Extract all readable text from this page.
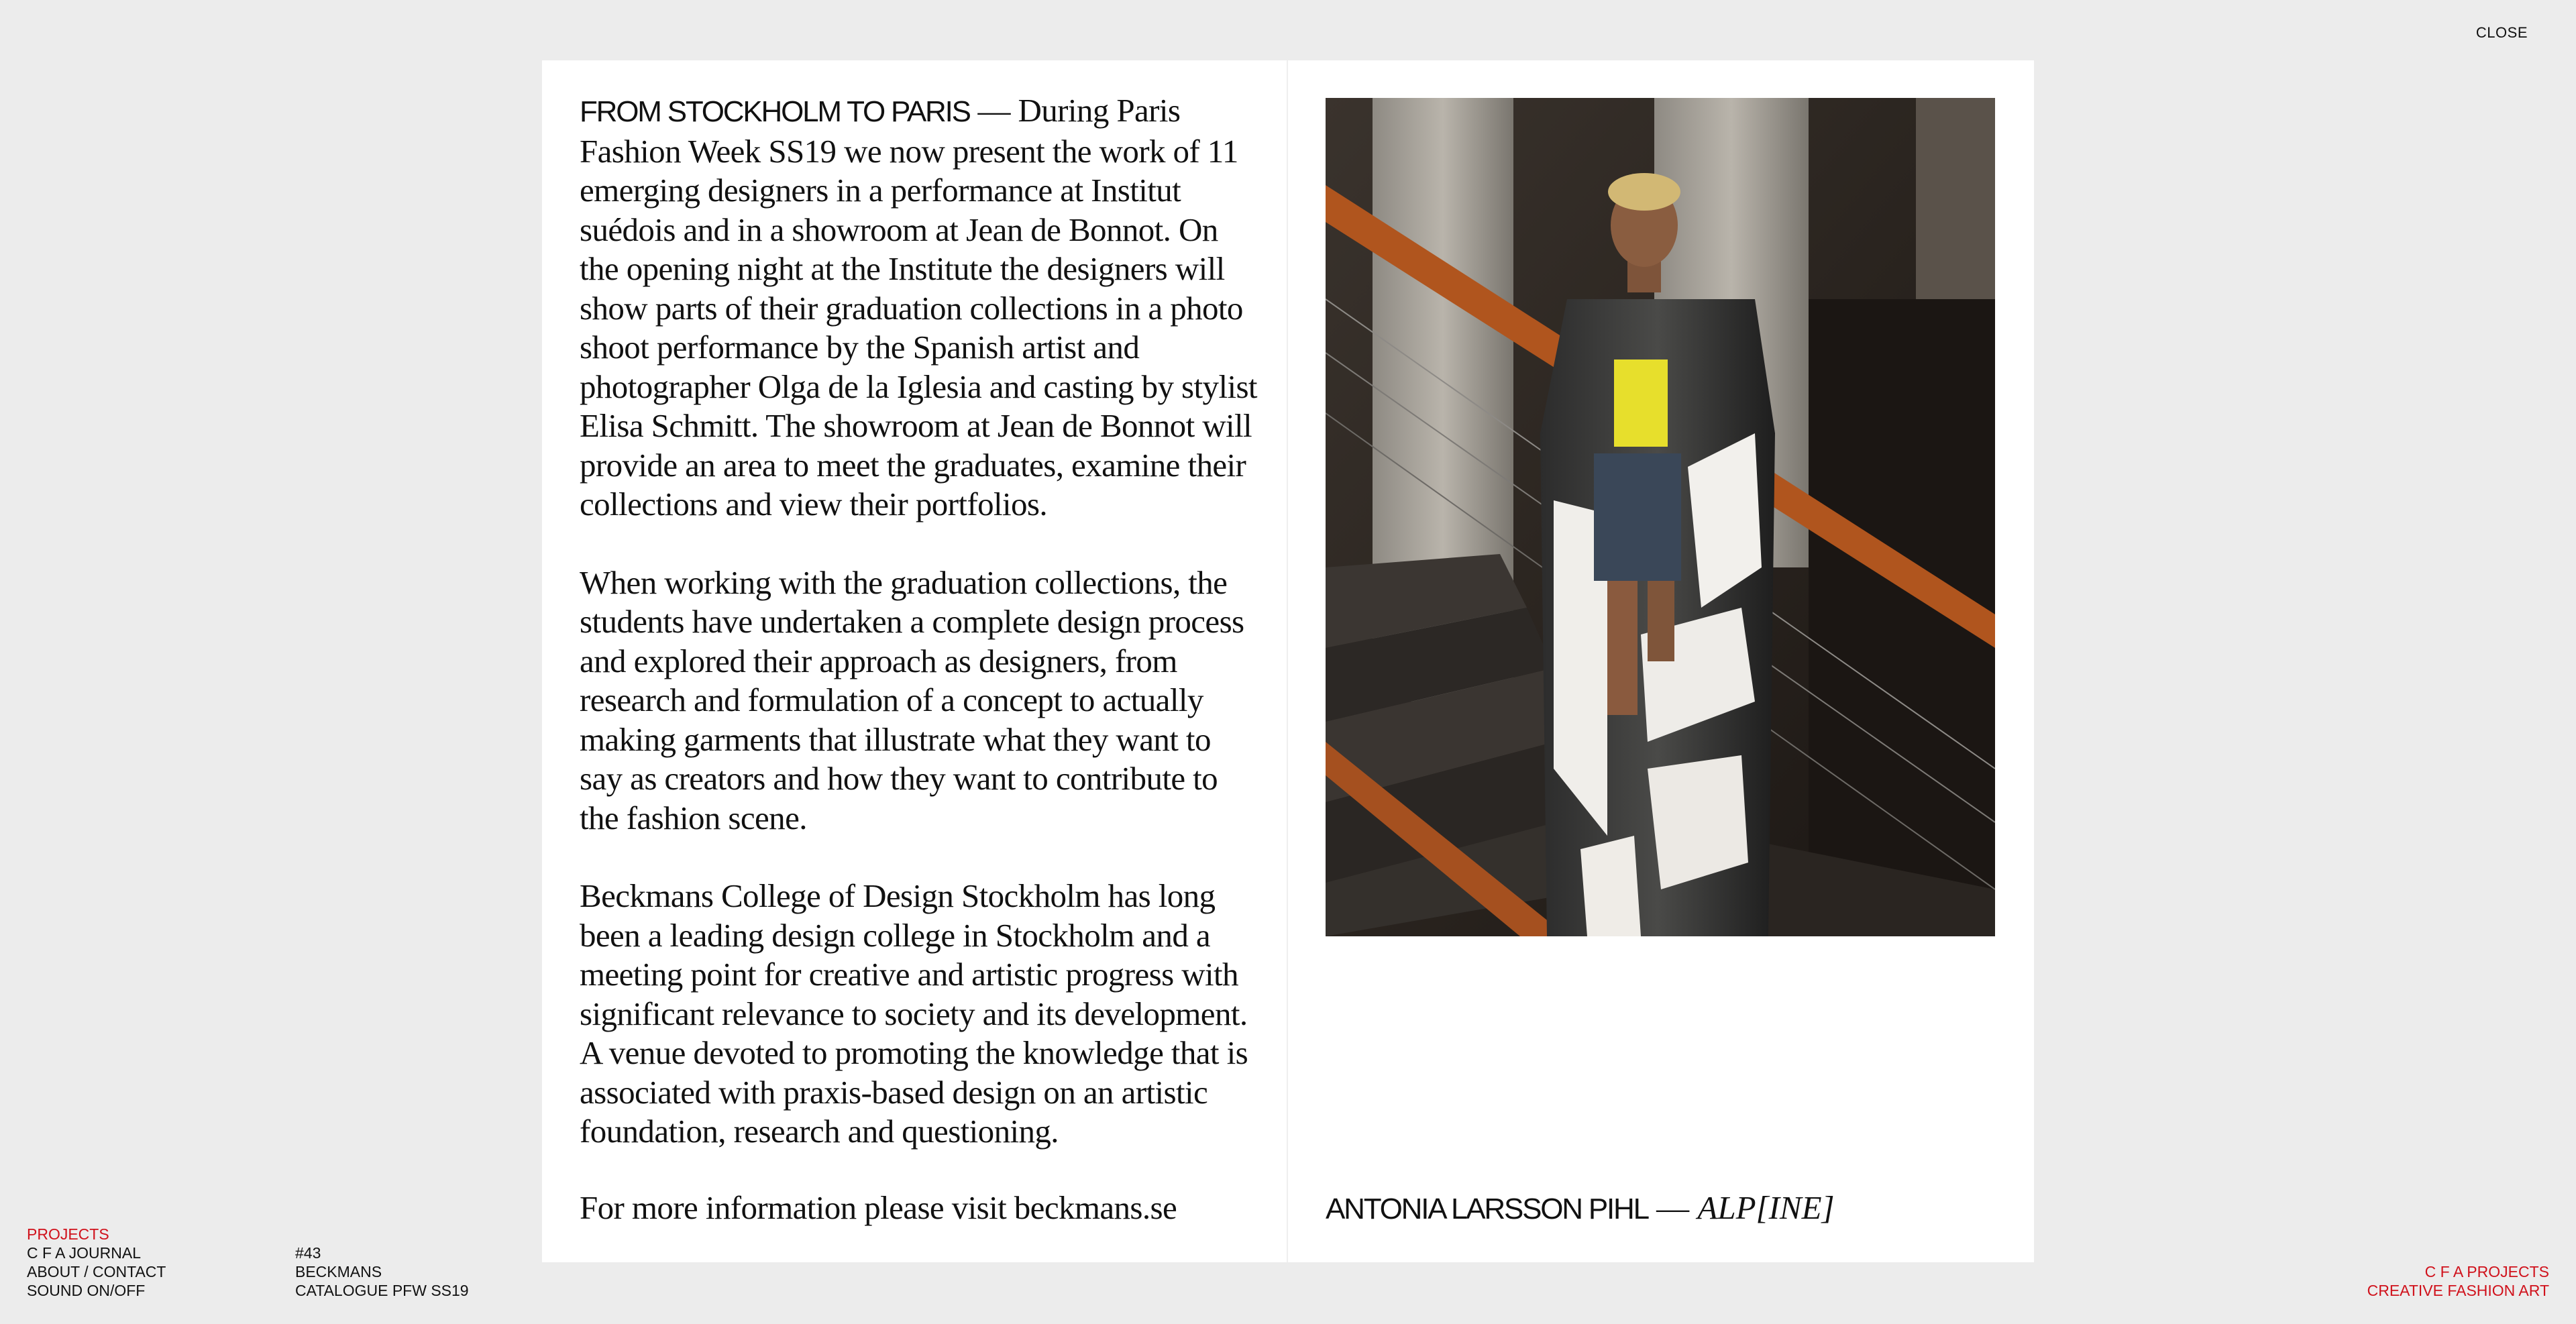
CLOSE

FROM STOCKHOLM TO PARIS — During Paris Fashion Week SS19 we now present the work of 11 emerging designers in a performance at Institut suédois and in a showroom at Jean de Bonnot. On the opening night at the Institute the designers will show parts of their graduation collections in a photo shoot performance by the Spanish artist and photographer Olga de la Iglesia and casting by stylist Elisa Schmitt. The showroom at Jean de Bonnot will provide an area to meet the graduates, examine their collections and view their portfolios.

When working with the graduation collections, the students have undertaken a complete design process and explored their approach as designers, from research and formulation of a concept to actually making garments that illustrate what they want to say as creators and how they want to contribute to the fashion scene.

Beckmans College of Design Stockholm has long been a leading design college in Stockholm and a meeting point for creative and artistic progress with significant relevance to society and its development. A venue devoted to promoting the knowledge that is associated with praxis-based design on an artistic foundation, research and questioning.

For more information please visit beckmans.se	ANTONIA LARSSON PIHL — ALP[INE]

PROJECTS
C F A JOURNAL
ABOUT / CONTACT
SOUND ON/OFF
#43
BECKMANS
CATALOGUE PFW SS19
C F A PROJECTS
CREATIVE FASHION ART
